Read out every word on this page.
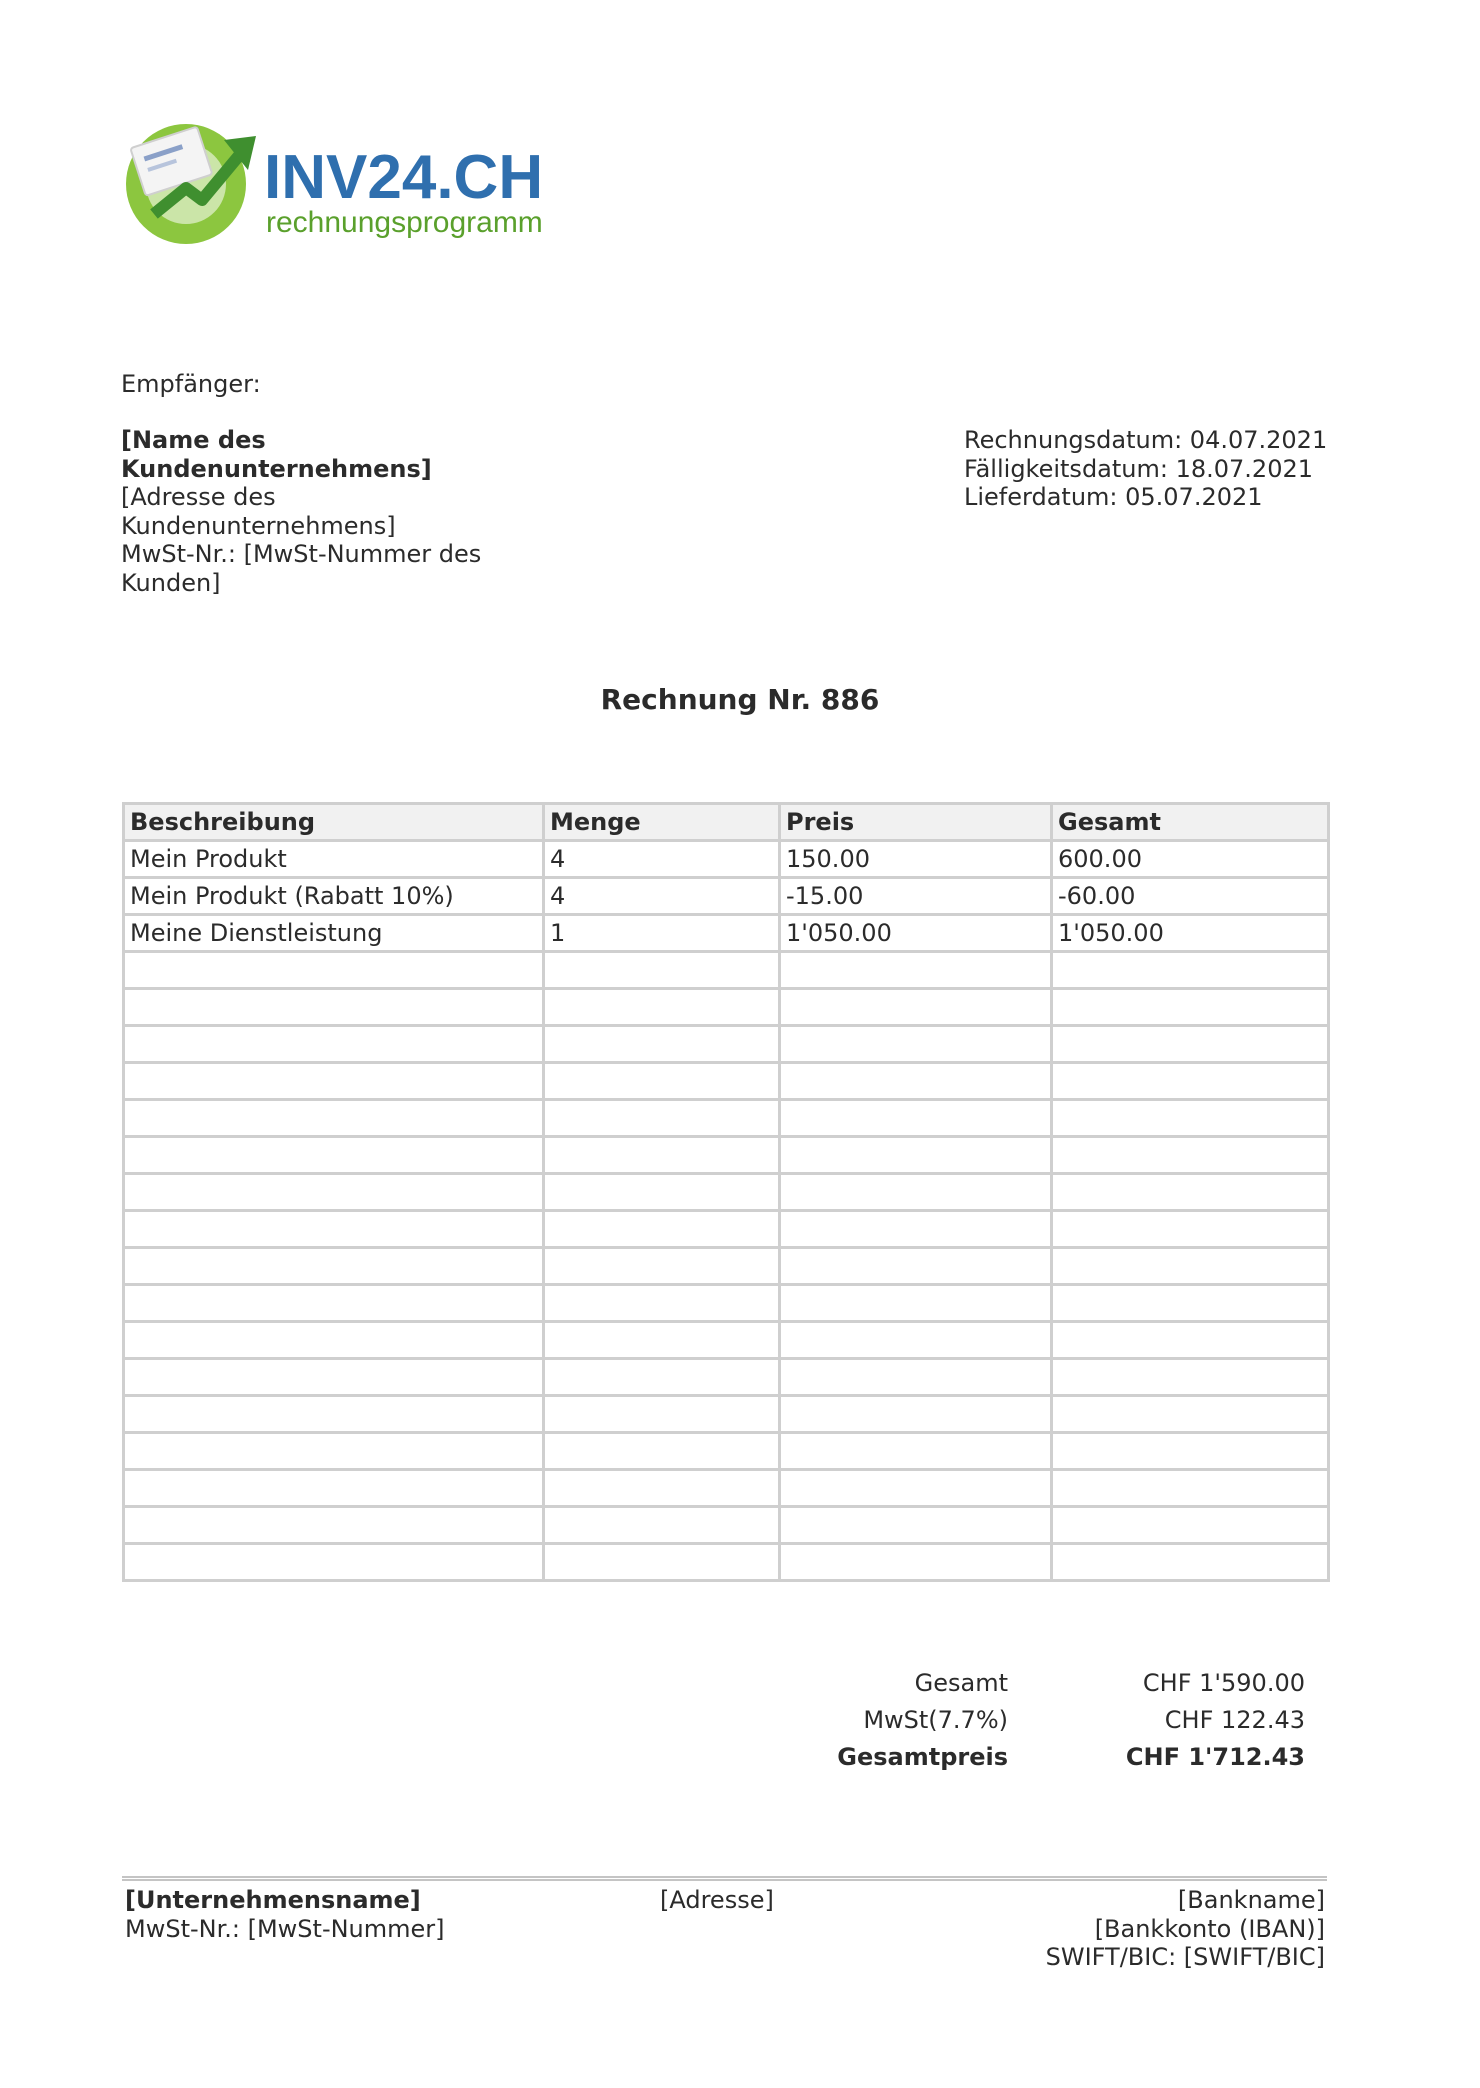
INV24.CH
rechnungsprogramm
Empfänger:
[Name des Kundenunternehmens]
[Adresse des Kundenunternehmens]
MwSt-Nr.: [MwSt-Nummer des Kunden]
Rechnungsdatum: 04.07.2021
Fälligkeitsdatum: 18.07.2021
Lieferdatum: 05.07.2021
Rechnung Nr. 886
Beschreibung	Menge	Preis	Gesamt
Mein Produkt	4	150.00	600.00
Mein Produkt (Rabatt 10%)	4	-15.00	-60.00
Meine Dienstleistung	1	1'050.00	1'050.00

Gesamt	CHF 1'590.00
MwSt(7.7%)	CHF 122.43
Gesamtpreis	CHF 1'712.43
[Unternehmensname]
MwSt-Nr.: [MwSt-Nummer]
[Adresse]	[Bankname]
[Bankkonto (IBAN)]
SWIFT/BIC: [SWIFT/BIC]
